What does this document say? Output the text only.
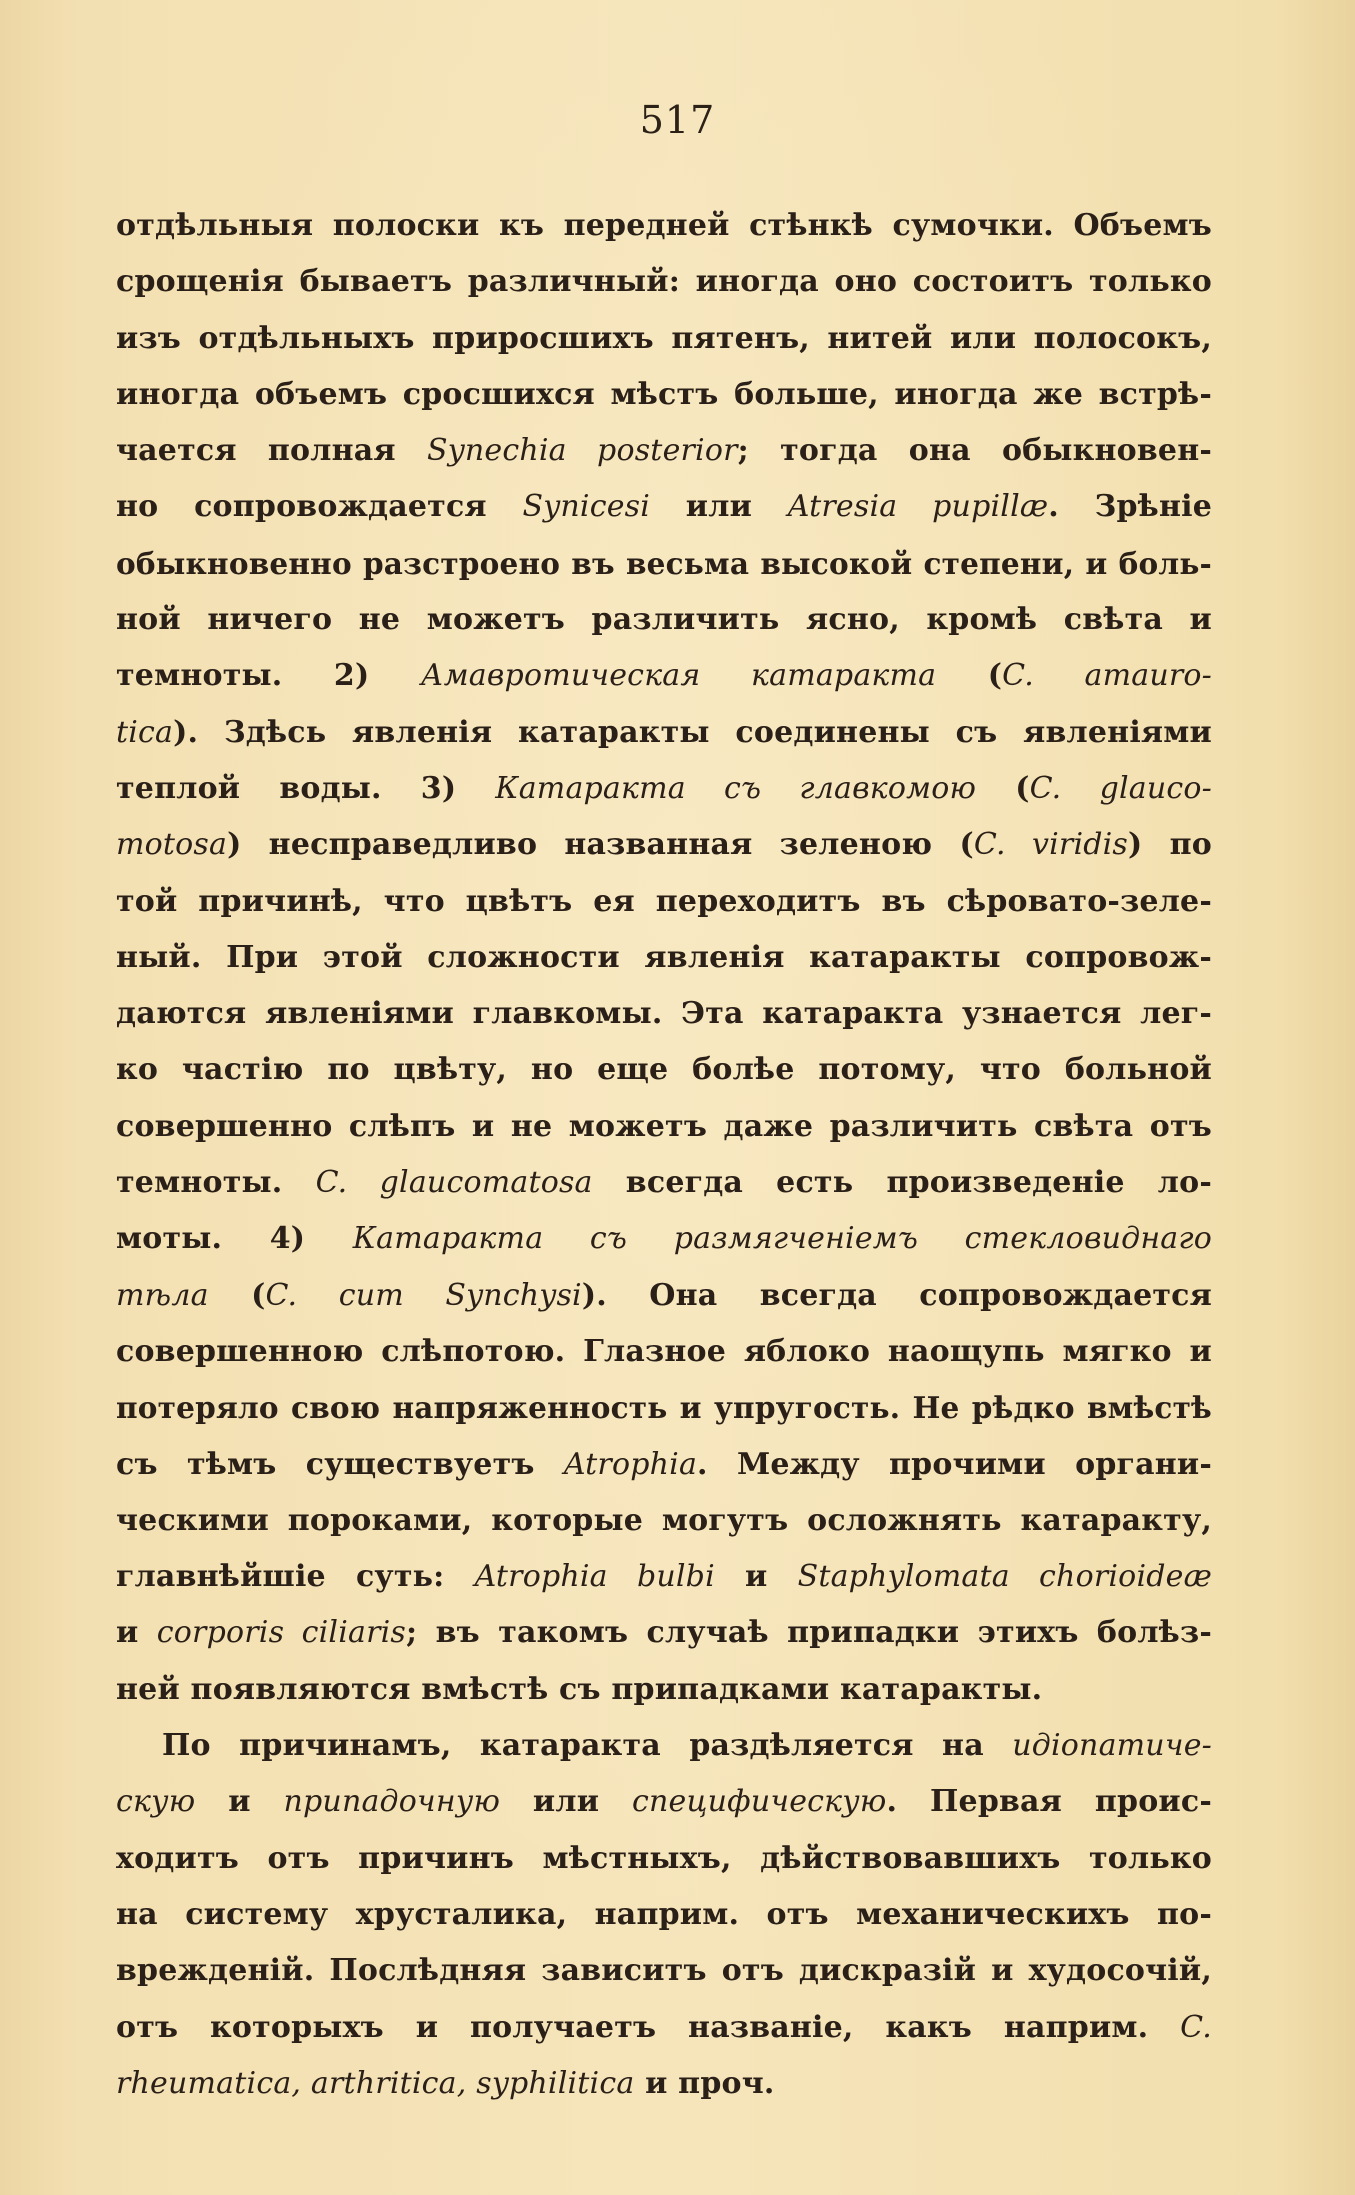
517
отдѣльныя полоски къ передней стѣнкѣ сумочки. Объемъ
срощенія бываетъ различный: иногда оно состоитъ только
изъ отдѣльныхъ приросшихъ пятенъ, нитей или полосокъ,
иногда объемъ сросшихся мѣстъ больше, иногда же встрѣ-
чается полная Synechia posterior; тогда она обыкновен-
но сопровождается Synicesi или Atresia pupillæ. Зрѣніе
обыкновенно разстроено въ весьма высокой степени, и боль-
ной ничего не можетъ различить ясно, кромѣ свѣта и
темноты. 2) Амавротическая катаракта (C. amauro-
tica). Здѣсь явленія катаракты соединены съ явленіями
теплой воды. 3) Катаракта съ главкомою (C. glauco-
motosa) несправедливо названная зеленою (C. viridis) по
той причинѣ, что цвѣтъ ея переходитъ въ сѣровато-зеле-
ный. При этой сложности явленія катаракты сопровож-
даются явленіями главкомы. Эта катаракта узнается лег-
ко частію по цвѣту, но еще болѣе потому, что больной
совершенно слѣпъ и не можетъ даже различить свѣта отъ
темноты. C. glaucomatosa всегда есть произведеніе ло-
моты. 4) Катаракта съ размягченіемъ стекловиднаго
тѣла (C. cum Synchysi). Она всегда сопровождается
совершенною слѣпотою. Глазное яблоко наощупь мягко и
потеряло свою напряженность и упругость. Не рѣдко вмѣстѣ
съ тѣмъ существуетъ Atrophia. Между прочими органи-
ческими пороками, которые могутъ осложнять катаракту,
главнѣйшіе суть: Atrophia bulbi и Staphylomata chorioideæ
и corporis ciliaris; въ такомъ случаѣ припадки этихъ болѣз-
ней появляются вмѣстѣ съ припадками катаракты.
По причинамъ, катаракта раздѣляется на идіопатиче-
скую и припадочную или специфическую. Первая проис-
ходитъ отъ причинъ мѣстныхъ, дѣйствовавшихъ только
на систему хрусталика, наприм. отъ механическихъ по-
врежденій. Послѣдняя зависитъ отъ дискразій и худосочій,
отъ которыхъ и получаетъ названіе, какъ наприм. C.
rheumatica, arthritica, syphilitica и проч.
